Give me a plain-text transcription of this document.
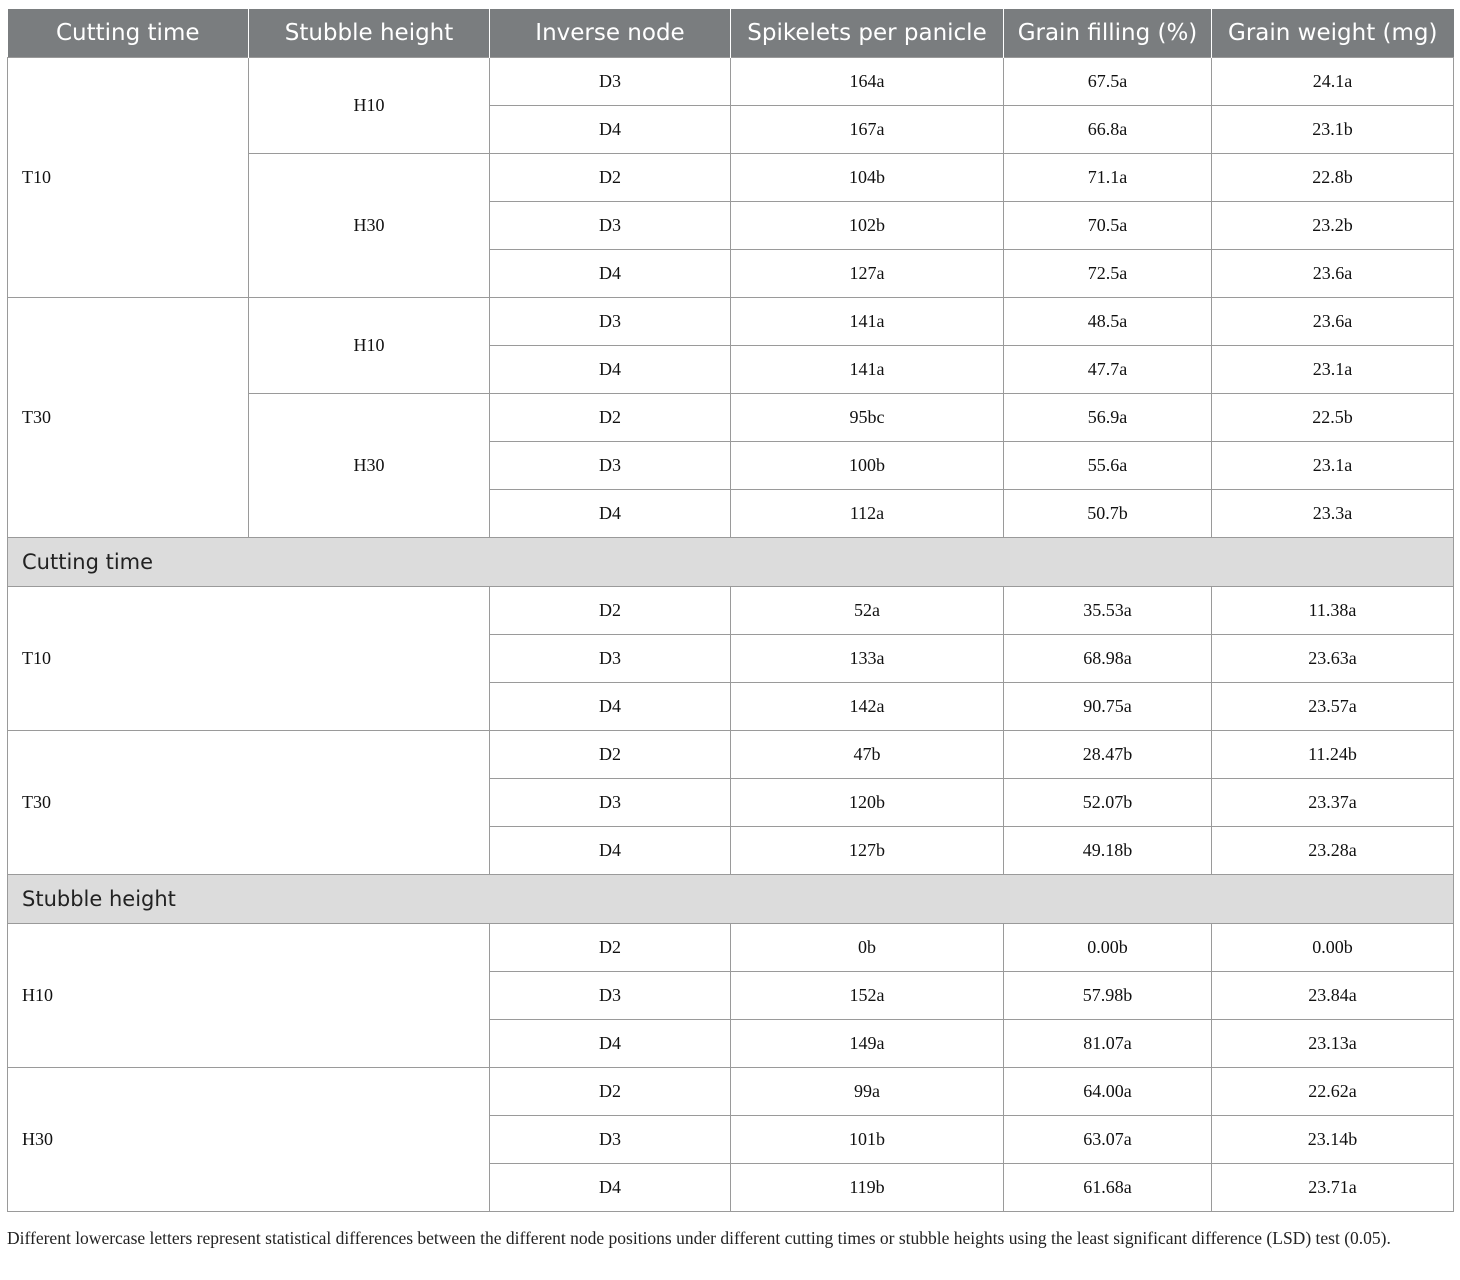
Cutting time	Stubble height	Inverse node	Spikelets per panicle	Grain filling (%)	Grain weight (mg)
T10	H10	D3	164a	67.5a	24.1a
		D4	167a	66.8a	23.1b
	H30	D2	104b	71.1a	22.8b
		D3	102b	70.5a	23.2b
		D4	127a	72.5a	23.6a
T30	H10	D3	141a	48.5a	23.6a
		D4	141a	47.7a	23.1a
	H30	D2	95bc	56.9a	22.5b
		D3	100b	55.6a	23.1a
		D4	112a	50.7b	23.3a
Cutting time					
T10		D2	52a	35.53a	11.38a
		D3	133a	68.98a	23.63a
		D4	142a	90.75a	23.57a
T30		D2	47b	28.47b	11.24b
		D3	120b	52.07b	23.37a
		D4	127b	49.18b	23.28a
Stubble height					
H10		D2	0b	0.00b	0.00b
		D3	152a	57.98b	23.84a
		D4	149a	81.07a	23.13a
H30		D2	99a	64.00a	22.62a
		D3	101b	63.07a	23.14b
		D4	119b	61.68a	23.71a
Different lowercase letters represent statistical differences between the different node positions under different cutting times or stubble heights using the least significant difference (LSD) test (0.05).
